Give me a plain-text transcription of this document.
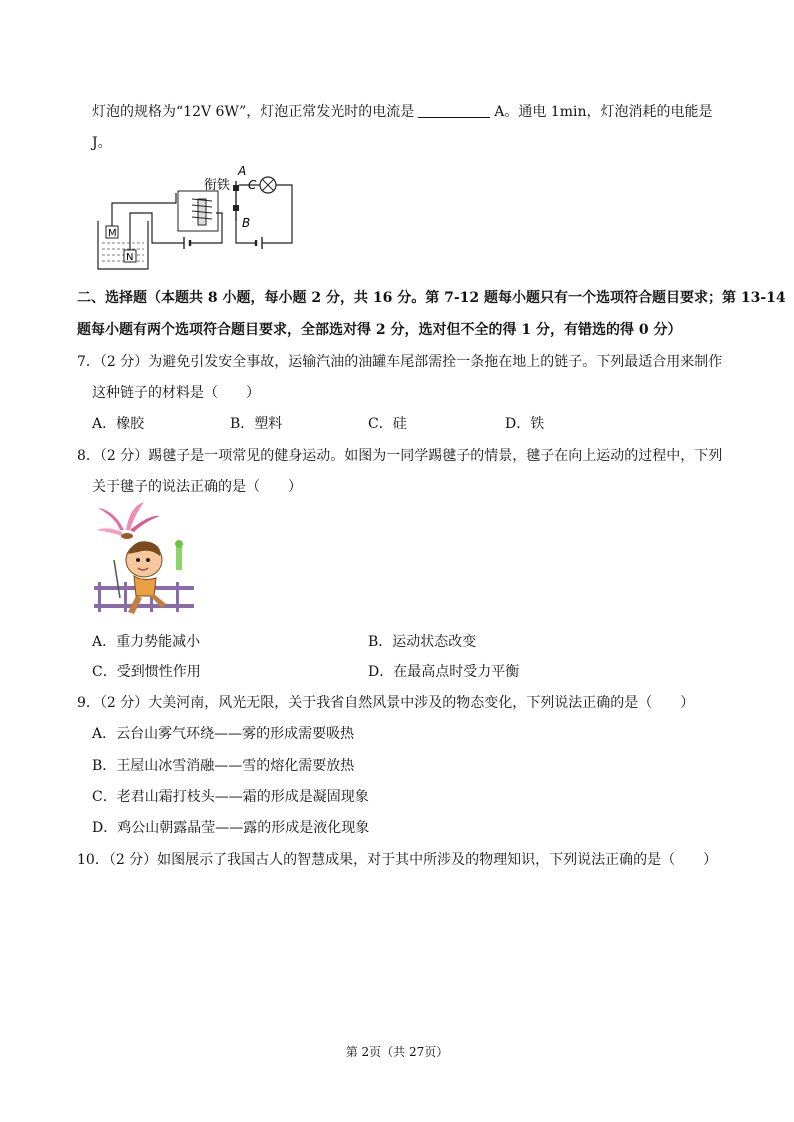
灯泡的规格为“12V 6W”，灯泡正常发光时的电流是	A。通电 1min，灯泡消耗的电能是
J。
M
N
衔铁
A
B
C
二、选择题（本题共 8 小题，每小题 2 分，共 16 分。第 7-12 题每小题只有一个选项符合题目要求；第 13-14
题每小题有两个选项符合题目要求，全部选对得 2 分，选对但不全的得 1 分，有错选的得 0 分）
7．（2 分）为避免引发安全事故，运输汽油的油罐车尾部需拴一条拖在地上的链子。下列最适合用来制作
这种链子的材料是（　　）
A．橡胶	B．塑料	C．硅	D．铁
8．（2 分）踢毽子是一项常见的健身运动。如图为一同学踢毽子的情景，毽子在向上运动的过程中，下列
关于毽子的说法正确的是（　　）
A．重力势能减小	B．运动状态改变
C．受到惯性作用	D．在最高点时受力平衡
9．（2 分）大美河南，风光无限，关于我省自然风景中涉及的物态变化，下列说法正确的是（　　）
A．云台山雾气环绕——雾的形成需要吸热
B．王屋山冰雪消融——雪的熔化需要放热
C．老君山霜打枝头——霜的形成是凝固现象
D．鸡公山朝露晶莹——露的形成是液化现象
10．（2 分）如图展示了我国古人的智慧成果，对于其中所涉及的物理知识，下列说法正确的是（　　）
第 2页（共 27页）
